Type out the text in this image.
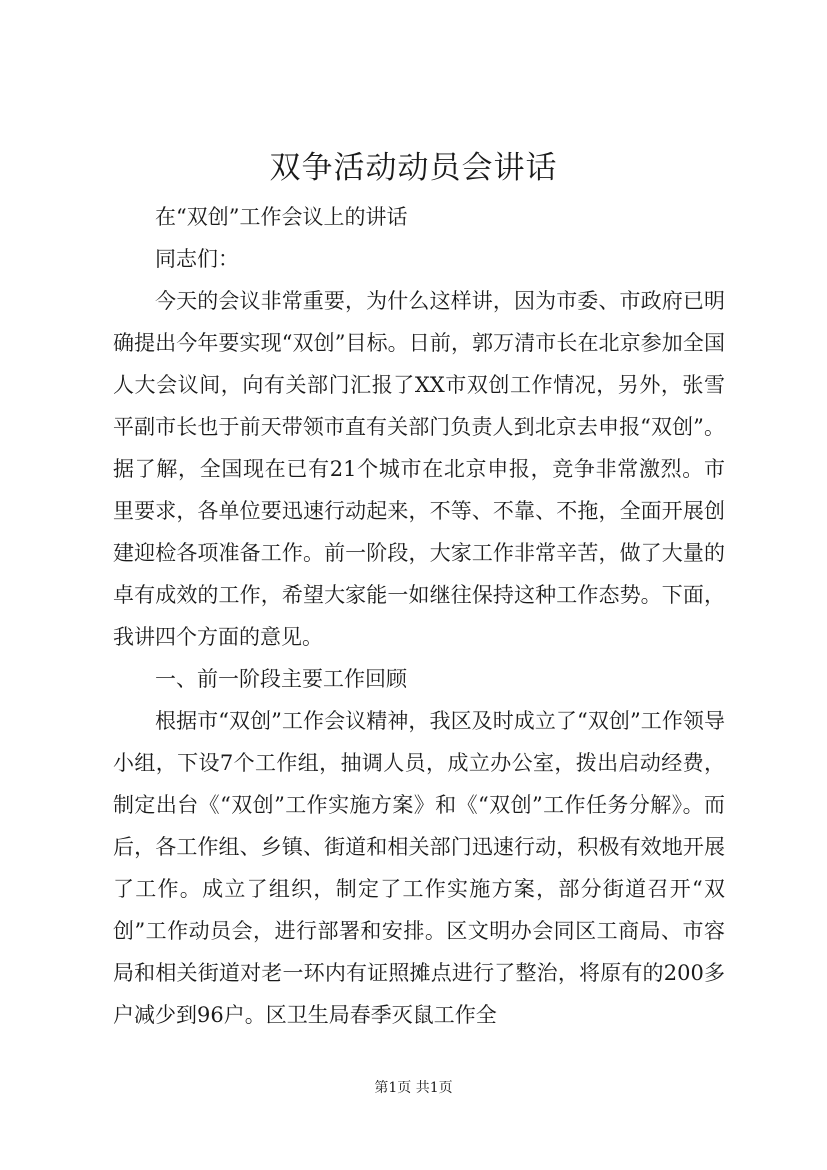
双争活动动员会讲话

在“双创”工作会议上的讲话

同志们：

今天的会议非常重要，为什么这样讲，因为市委、市政府已明确提出今年要实现“双创”目标。日前，郭万清市长在北京参加全国人大会议间，向有关部门汇报了XX市双创工作情况，另外，张雪平副市长也于前天带领市直有关部门负责人到北京去申报“双创”。据了解，全国现在已有21个城市在北京申报，竞争非常激烈。市里要求，各单位要迅速行动起来，不等、不靠、不拖，全面开展创建迎检各项准备工作。前一阶段，大家工作非常辛苦，做了大量的卓有成效的工作，希望大家能一如继往保持这种工作态势。下面，我讲四个方面的意见。

一、前一阶段主要工作回顾

根据市“双创”工作会议精神，我区及时成立了“双创”工作领导小组，下设7个工作组，抽调人员，成立办公室，拨出启动经费，制定出台《“双创”工作实施方案》和《“双创”工作任务分解》。而后，各工作组、乡镇、街道和相关部门迅速行动，积极有效地开展了工作。成立了组织，制定了工作实施方案，部分街道召开“双创”工作动员会，进行部署和安排。区文明办会同区工商局、市容局和相关街道对老一环内有证照摊点进行了整治，将原有的200多户减少到96户。区卫生局春季灭鼠工作全

第1页 共1页
